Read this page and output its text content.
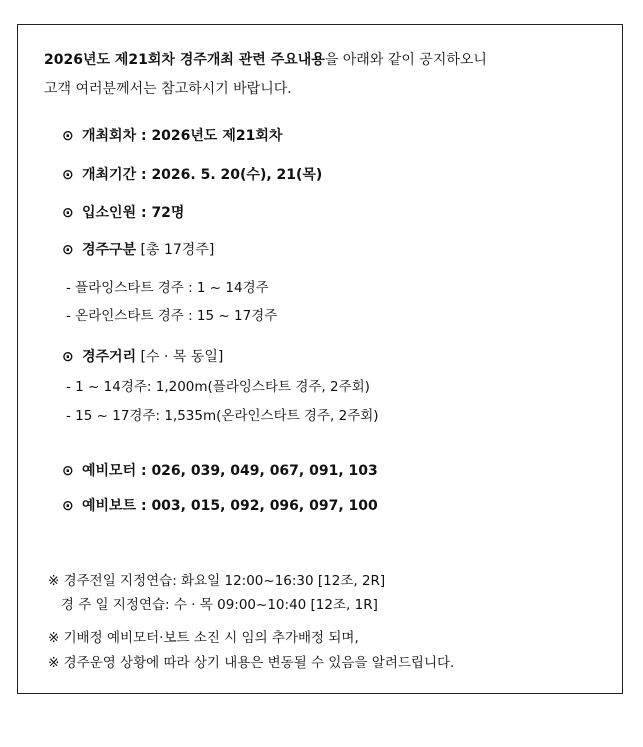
2026년도 제21회차 경주개최 관련 주요내용을 아래와 같이 공지하오니
고객 여러분께서는 참고하시기 바랍니다.
⊙ 개최회차 : 2026년도 제21회차
⊙ 개최기간 : 2026. 5. 20(수), 21(목)
⊙ 입소인원 : 72명
⊙ 경주구분 [총 17경주]
- 플라잉스타트 경주 : 1 ~ 14경주
- 온라인스타트 경주 : 15 ~ 17경주
⊙ 경주거리 [수 · 목 동일]
- 1 ~ 14경주: 1,200m(플라잉스타트 경주, 2주회)
- 15 ~ 17경주: 1,535m(온라인스타트 경주, 2주회)
⊙ 예비모터 : 026, 039, 049, 067, 091, 103
⊙ 예비보트 : 003, 015, 092, 096, 097, 100
※ 경주전일 지정연습: 화요일 12:00~16:30 [12조, 2R]
경 주 일 지정연습: 수 · 목 09:00~10:40 [12조, 1R]
※ 기배정 예비모터·보트 소진 시 임의 추가배정 되며,
※ 경주운영 상황에 따라 상기 내용은 변동될 수 있음을 알려드립니다.
